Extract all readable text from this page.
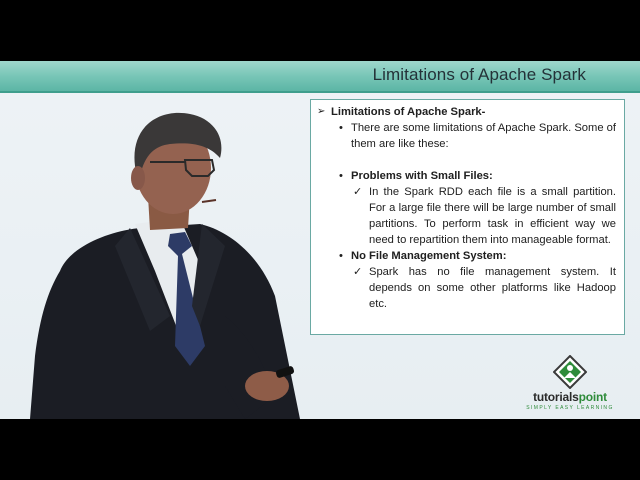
Limitations of Apache Spark
➢ Limitations of Apache Spark-
• There are some limitations of Apache Spark. Some of them are like these:
• Problems with Small Files:
✓ In the Spark RDD each file is a small partition. For a large file there will be large number of small partitions. To perform task in efficient way we need to repartition them into manageable format.
• No File Management System:
✓ Spark has no file management system. It depends on some other platforms like Hadoop etc.
tutorialspoint
SIMPLY EASY LEARNING
